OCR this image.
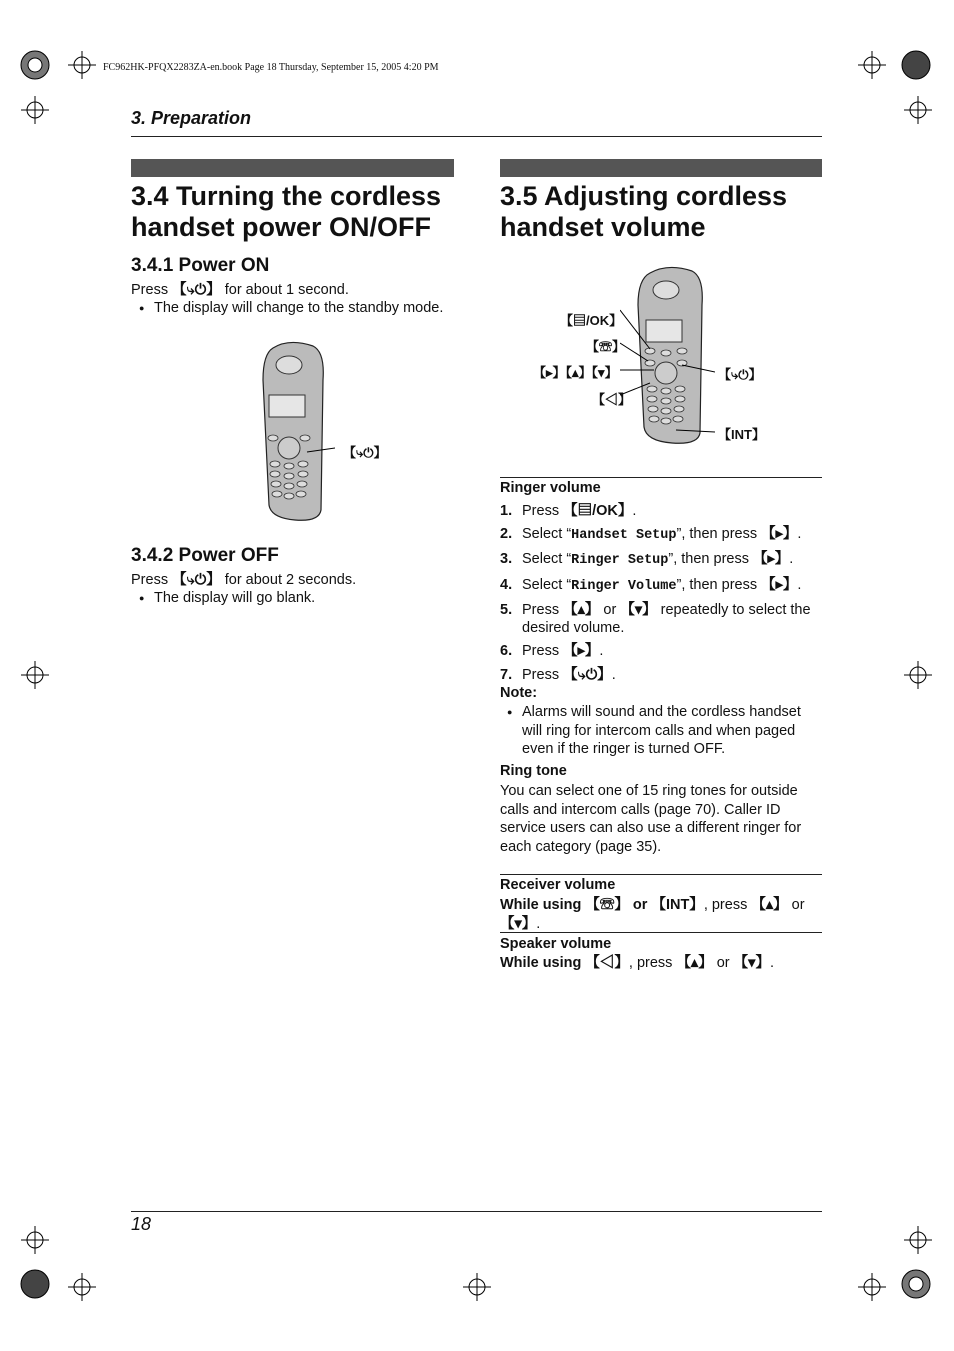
FC962HK-PFQX2283ZA-en.book Page 18 Thursday, September 15, 2005 4:20 PM
3. Preparation
3.4 Turning the cordless handset power ON/OFF
3.4.1 Power ON
Press 【⤷⏻】 for about 1 second.
● The display will change to the standby mode.
【⤷⏻】
3.4.2 Power OFF
Press 【⤷⏻】 for about 2 seconds.
● The display will go blank.
3.5 Adjusting cordless handset volume
【▤/OK】
【☏】
【▸】【▴】【▾】
【◁】
【⤷⏻】
【INT】
Ringer volume
1. Press 【▤/OK】.
2. Select “Handset Setup”, then press 【▸】.
3. Select “Ringer Setup”, then press 【▸】.
4. Select “Ringer Volume”, then press 【▸】.
5. Press 【▴】 or 【▾】 repeatedly to select the desired volume.
6. Press 【▸】.
7. Press 【⤷⏻】.
Note:
● Alarms will sound and the cordless handset will ring for intercom calls and when paged even if the ringer is turned OFF.
Ring tone
You can select one of 15 ring tones for outside calls and intercom calls (page 70). Caller ID service users can also use a different ringer for each category (page 35).
Receiver volume
While using 【☏】 or 【INT】, press 【▴】 or 【▾】.
Speaker volume
While using 【◁】, press 【▴】 or 【▾】.
18
